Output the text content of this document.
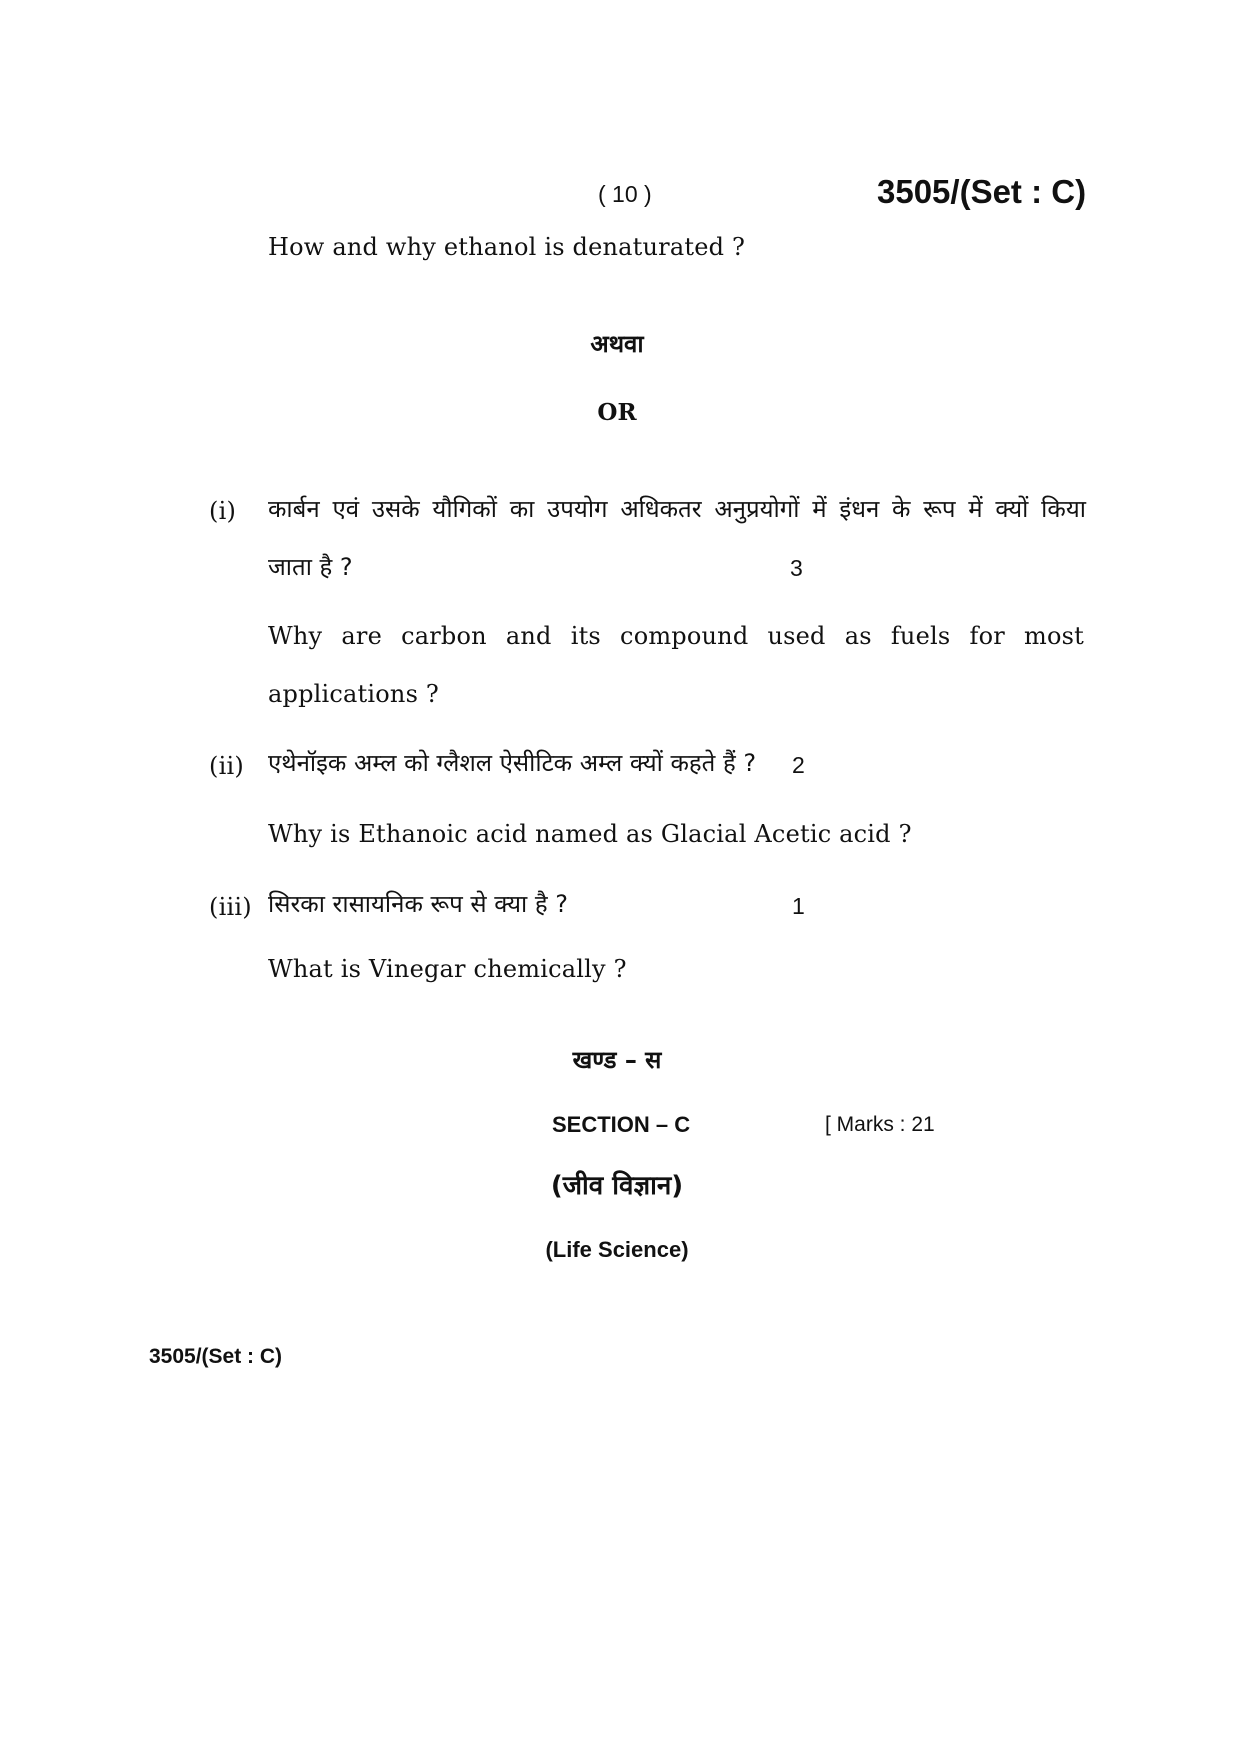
( 10 )	3505/(Set : C)
How and why ethanol is denaturated ?
अथवा
OR
(i) कार्बन एवं उसके यौगिकों का उपयोग अधिकतर अनुप्रयोगों में इंधन के रूप में क्यों किया
जाता है ?	3
Why are carbon and its compound used as fuels for most
applications ?
(ii) एथेनॉइक अम्ल को ग्लैशल ऐसीटिक अम्ल क्यों कहते हैं ? 2
Why is Ethanoic acid named as Glacial Acetic acid ?
(iii) सिरका रासायनिक रूप से क्या है ?	1
What is Vinegar chemically ?
खण्ड – स
SECTION – C	[ Marks : 21
(जीव विज्ञान)
(Life Science)
3505/(Set : C)
